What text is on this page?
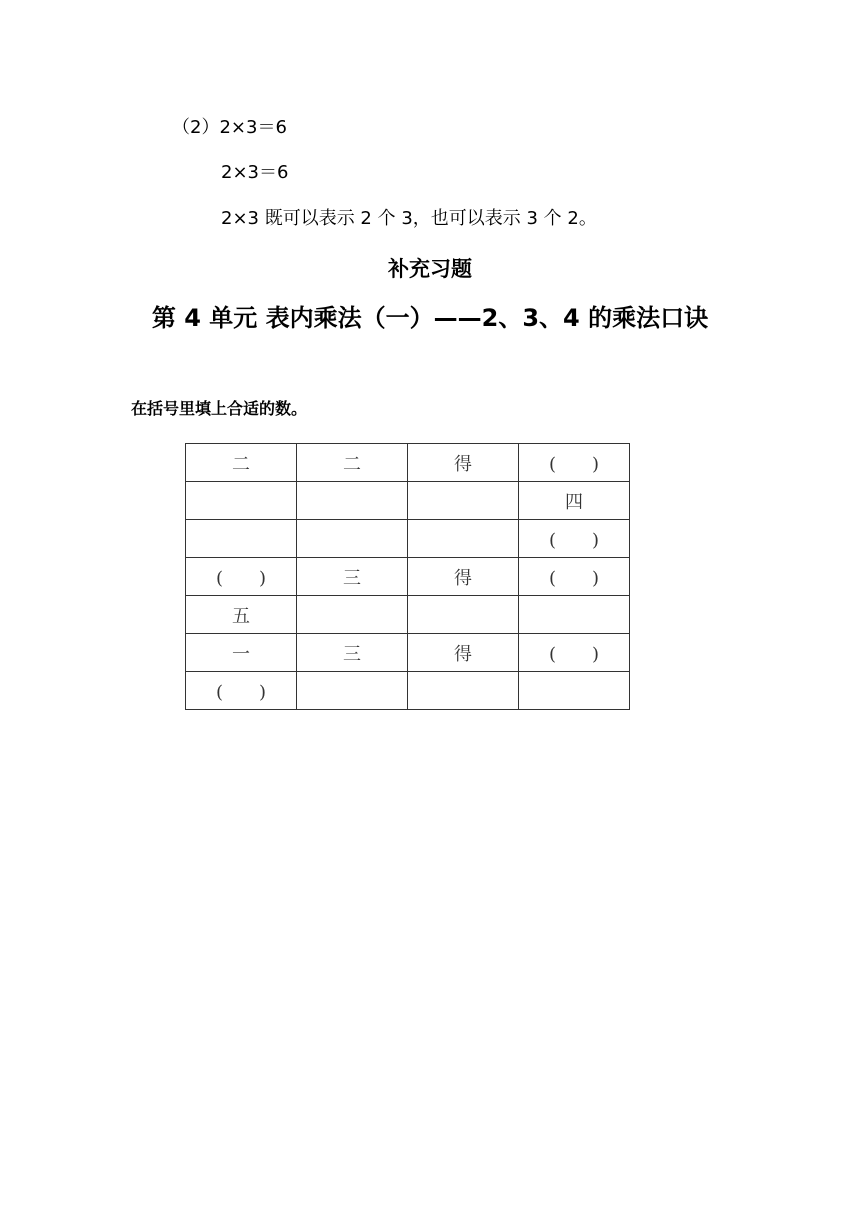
（2）2×3＝6
2×3＝6
2×3 既可以表示 2 个 3，也可以表示 3 个 2。
补充习题
第 4 单元 表内乘法（一）——2、3、4 的乘法口诀
在括号里填上合适的数。
二	二	得	(　　)
			四
			(　　)
(　　)	三	得	(　　)
五			
一	三	得	(　　)
(　　)			
